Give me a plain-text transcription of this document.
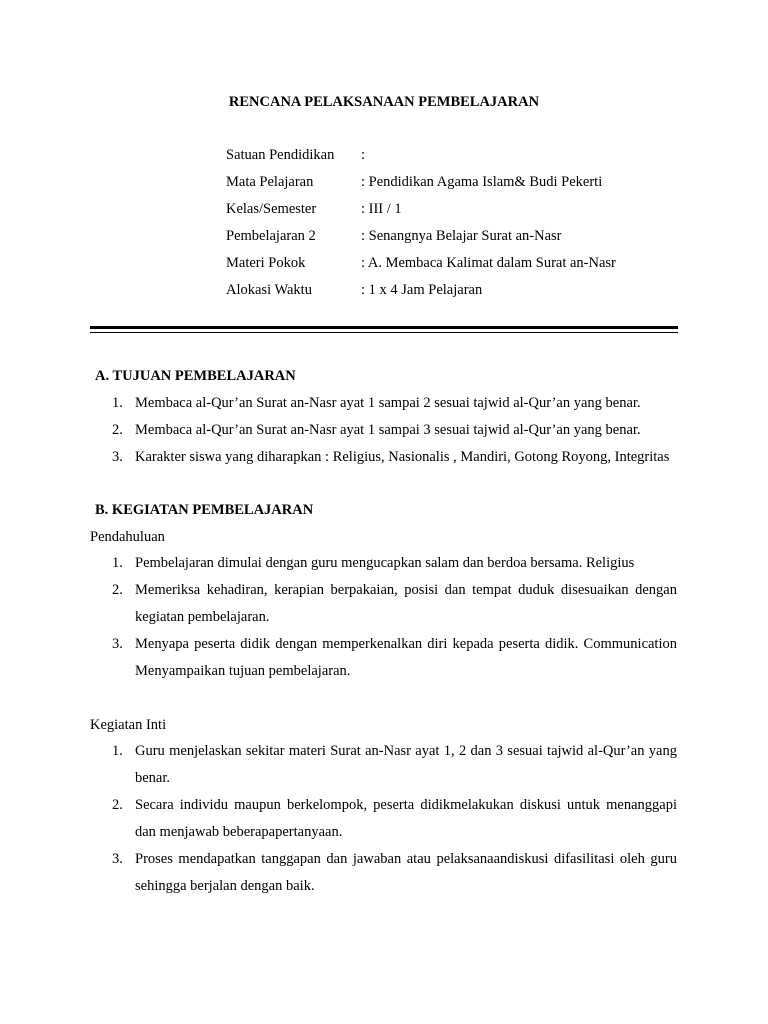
RENCANA PELAKSANAAN PEMBELAJARAN
Satuan Pendidikan	:
Mata Pelajaran	: Pendidikan Agama Islam& Budi Pekerti
Kelas/Semester	: III / 1
Pembelajaran 2	: Senangnya Belajar Surat an-Nasr
Materi Pokok	: A. Membaca Kalimat dalam Surat an-Nasr
Alokasi Waktu	: 1 x 4 Jam Pelajaran
A. TUJUAN PEMBELAJARAN
1. Membaca al-Qur’an Surat an-Nasr ayat 1 sampai 2 sesuai tajwid al-Qur’an yang benar.
2. Membaca al-Qur’an Surat an-Nasr ayat 1 sampai 3 sesuai tajwid al-Qur’an yang benar.
3. Karakter siswa yang diharapkan : Religius, Nasionalis , Mandiri, Gotong Royong, Integritas
B. KEGIATAN PEMBELAJARAN
Pendahuluan
1. Pembelajaran dimulai dengan guru mengucapkan salam dan berdoa bersama. Religius
2. Memeriksa kehadiran, kerapian berpakaian, posisi dan tempat duduk disesuaikan dengan kegiatan pembelajaran.
3. Menyapa peserta didik dengan memperkenalkan diri kepada peserta didik. Communication Menyampaikan tujuan pembelajaran.
Kegiatan Inti
1. Guru menjelaskan sekitar materi Surat an-Nasr ayat 1, 2 dan 3 sesuai tajwid al-Qur’an yang benar.
2. Secara individu maupun berkelompok, peserta didikmelakukan diskusi untuk menanggapi dan menjawab beberapapertanyaan.
3. Proses mendapatkan tanggapan dan jawaban atau pelaksanaandiskusi difasilitasi oleh guru sehingga berjalan dengan baik.
